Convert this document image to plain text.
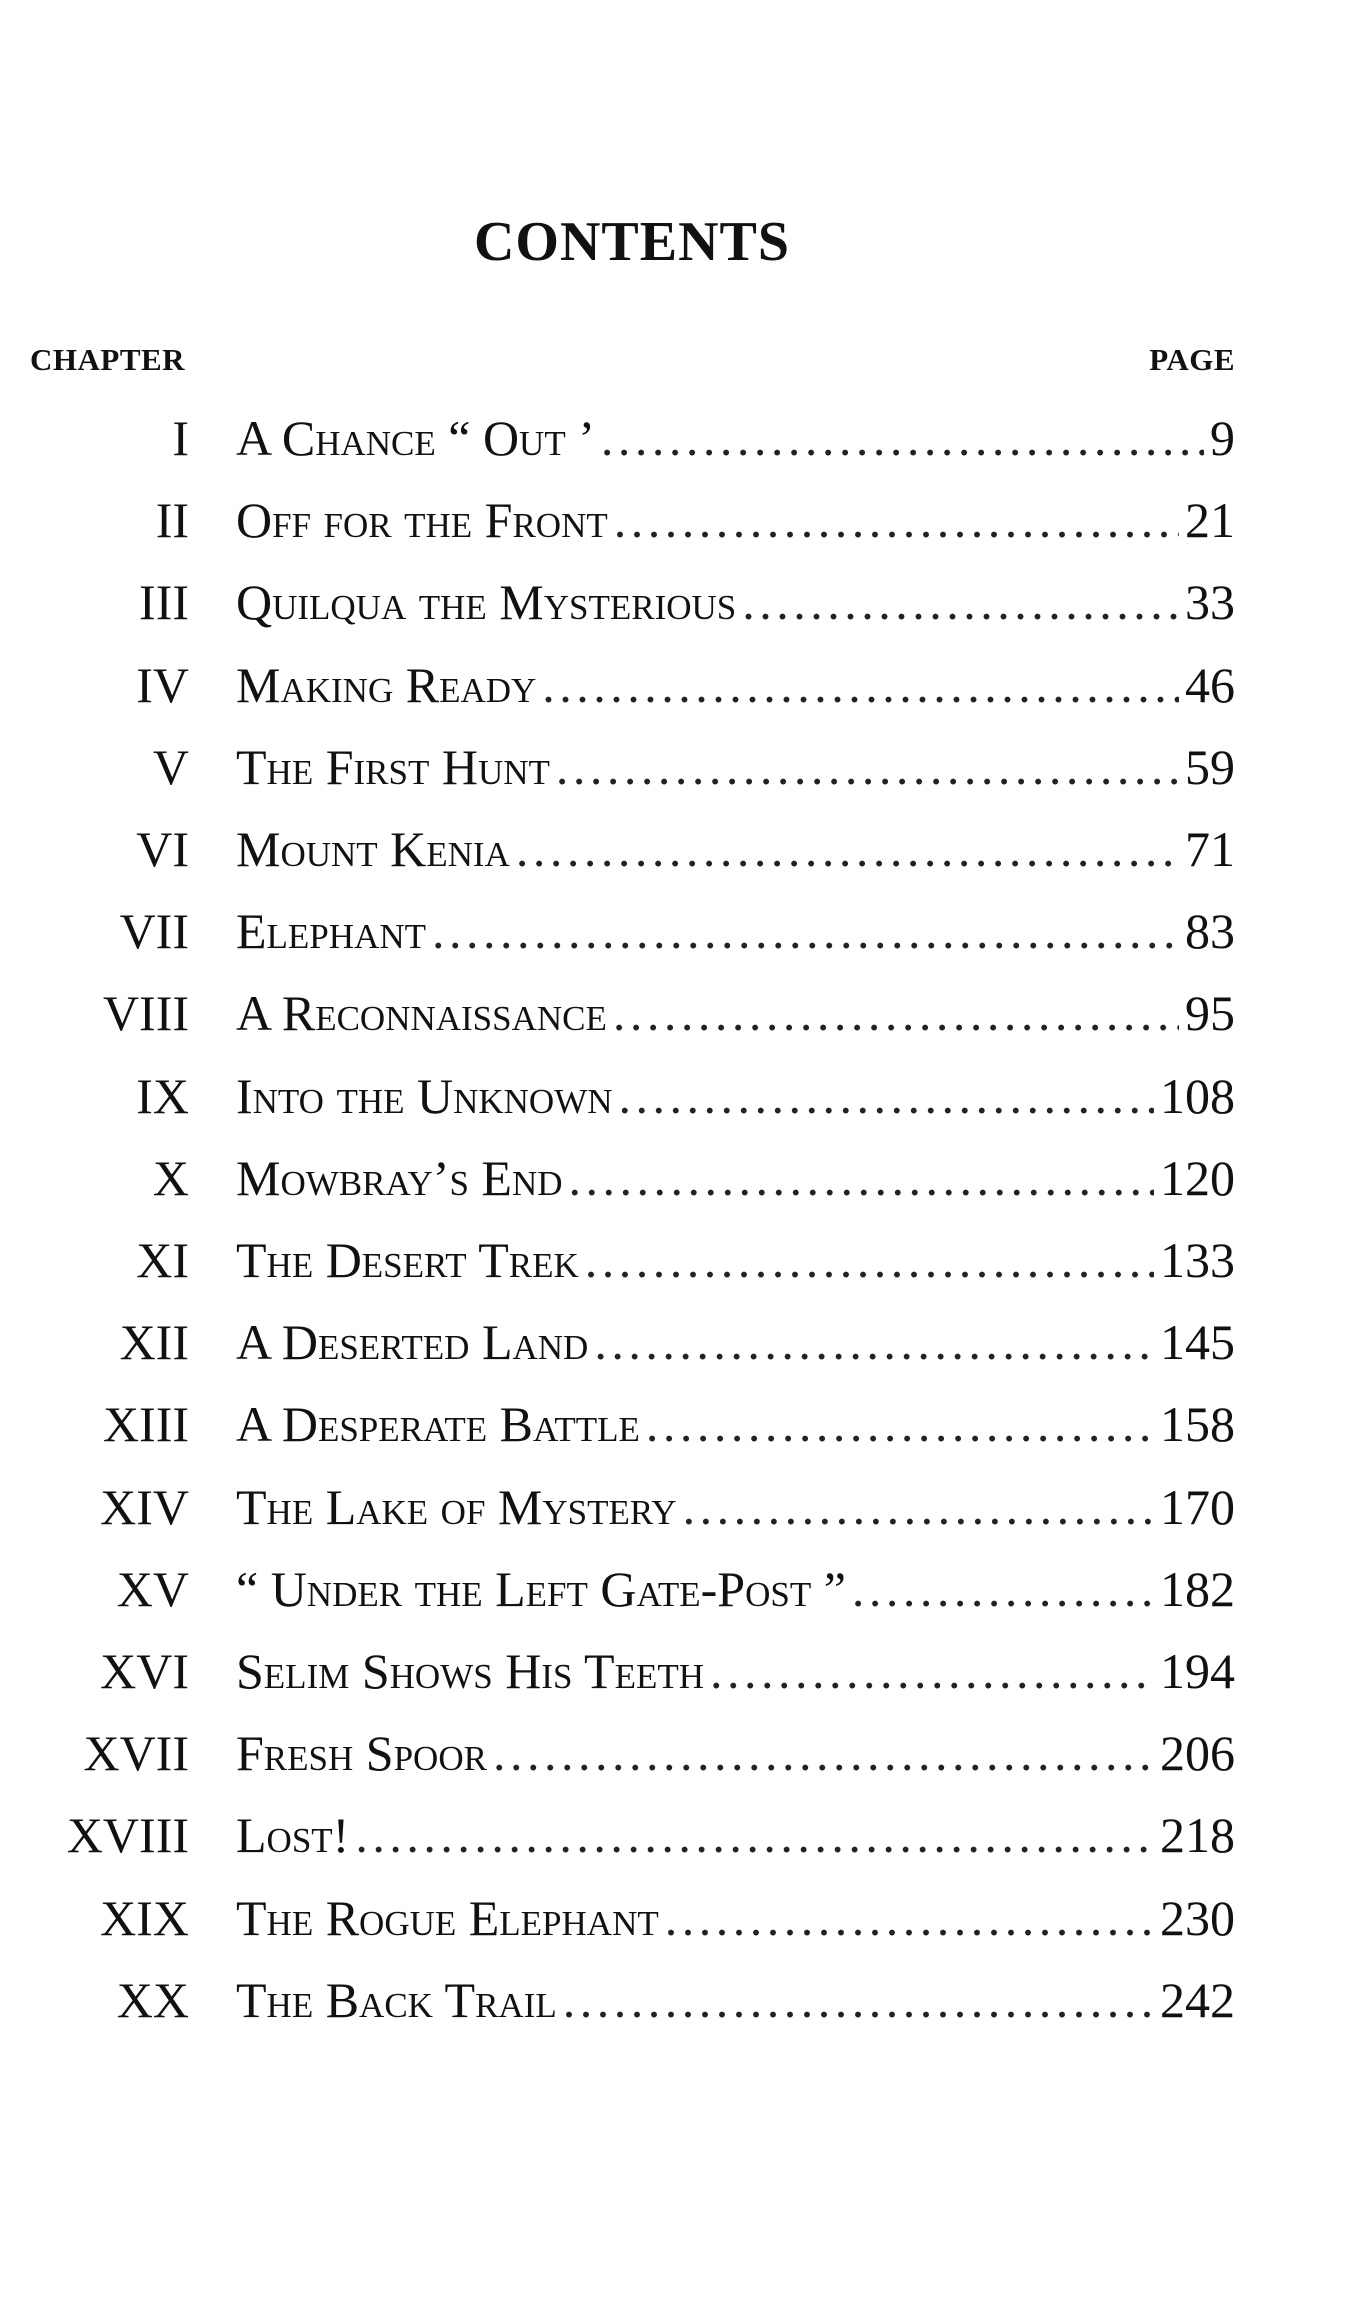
CONTENTS
CHAPTER	PAGE
I A Chance “ Out ’ . . .	9
II Off for the Front . . .	21
III Quilqua the Mysterious . . .	33
IV Making Ready . . .	46
V The First Hunt . . .	59
VI Mount Kenia . . .	71
VII Elephant . . .	83
VIII A Reconnaissance . . .	95
IX Into the Unknown . . .	108
X Mowbray’s End . . .	120
XI The Desert Trek . . .	133
XII A Deserted Land . . .	145
XIII A Desperate Battle . . .	158
XIV The Lake of Mystery . . .	170
XV “ Under the Left Gate-Post ” . . .	182
XVI Selim Shows His Teeth . . .	194
XVII Fresh Spoor . . .	206
XVIII Lost! . . .	218
XIX The Rogue Elephant . . .	230
XX The Back Trail . . .	242
